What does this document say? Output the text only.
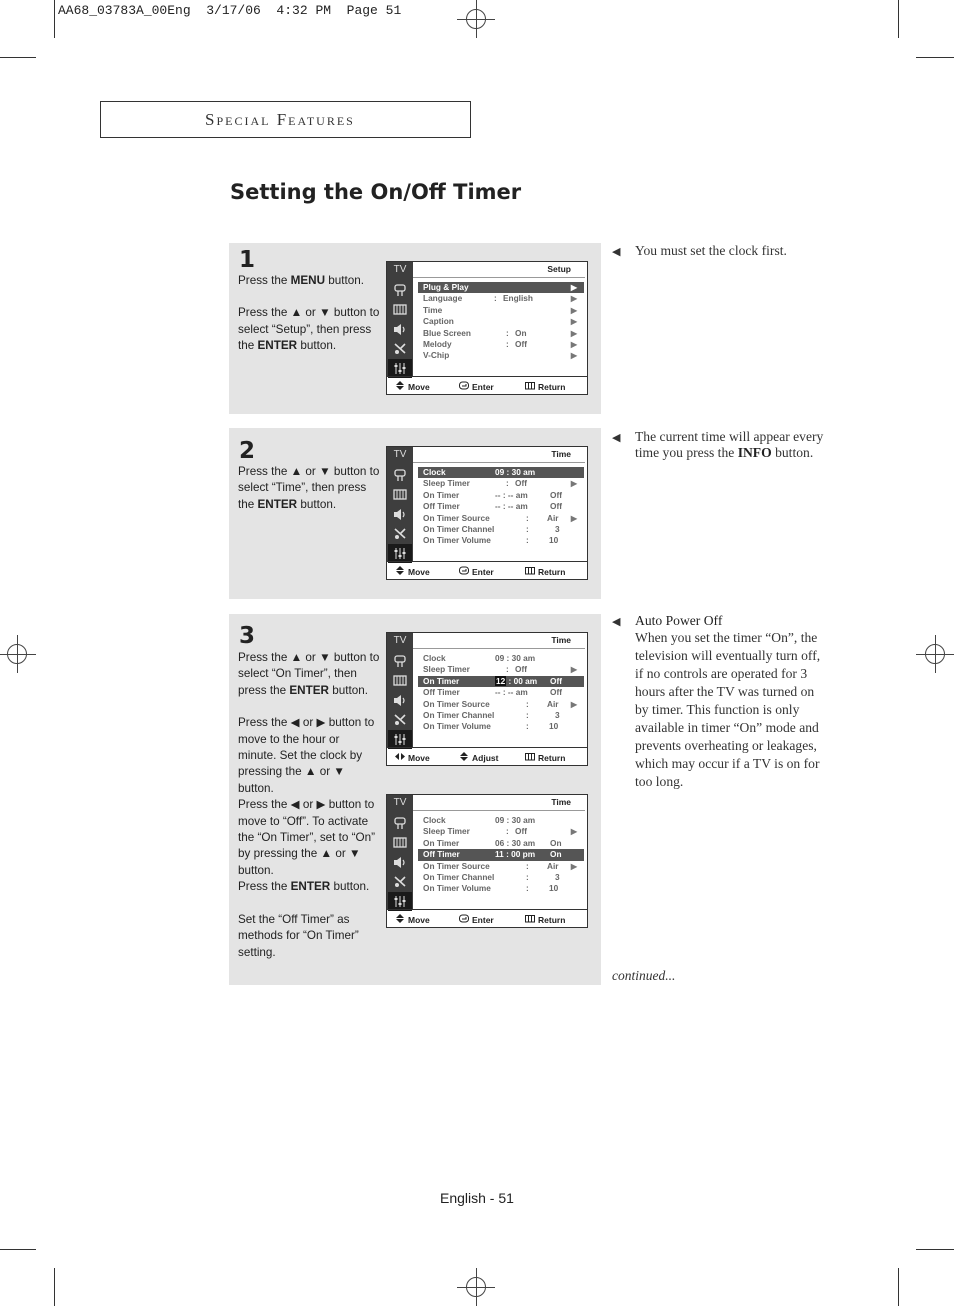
AA68_03783A_00Eng  3/17/06  4:32 PM  Page 51
Special Features
Setting the On/Off Timer
1

Press the MENU button.

Press the ▲ or ▼ button to select “Setup”, then press the ENTER button.

2

Press the ▲ or ▼ button to select “Time”, then press the ENTER button.

3

Press the ▲ or ▼ button to select “On Timer”, then press the ENTER button.

Press the ◀ or ▶ button to move to the hour or minute. Set the clock by pressing the ▲ or ▼ button.

Press the ◀ or ▶ button to move to “Off”. To activate the “On Timer”, set to “On” by pressing the ▲ or ▼ button.

Press the ENTER button.

Set the “Off Timer” as methods for “On Timer” setting.

TV	Setup
Plug & Play	▶
Language	: English	▶
Time	▶
Caption	▶
Blue Screen	: On	▶
Melody	: Off	▶
V-Chip	▶
Move	Enter	Return
TV	Time
Clock	09 : 30 am
Sleep Timer	: Off	▶
On Timer	-- : -- am	Off
Off Timer	-- : -- am	Off
On Timer Source	: Air ▶
On Timer Channel	:	3
On Timer Volume	: 10
Move	Enter	Return
TV	Time
Clock	09 : 30 am
Sleep Timer	: Off	▶
On Timer	12 : 00 am Off
Off Timer	-- : -- am	Off
On Timer Source	: Air ▶
On Timer Channel	:	3
On Timer Volume	: 10
Move	Adjust	Return
TV	Time
Clock	09 : 30 am
Sleep Timer	: Off	▶
On Timer	06 : 30 am On
Off Timer	11 : 00 pm On
On Timer Source	: Air ▶
On Timer Channel	:	3
On Timer Volume	: 10
Move	Enter	Return
◀ You must set the clock first.
◀ The current time will appear every time you press the INFO button.
◀ Auto Power Off
When you set the timer “On”, the television will eventually turn off, if no controls are operated for 3 hours after the TV was turned on by timer. This function is only available in timer “On” mode and prevents overheating or leakages, which may occur if a TV is on for too long.
continued...
English - 51
